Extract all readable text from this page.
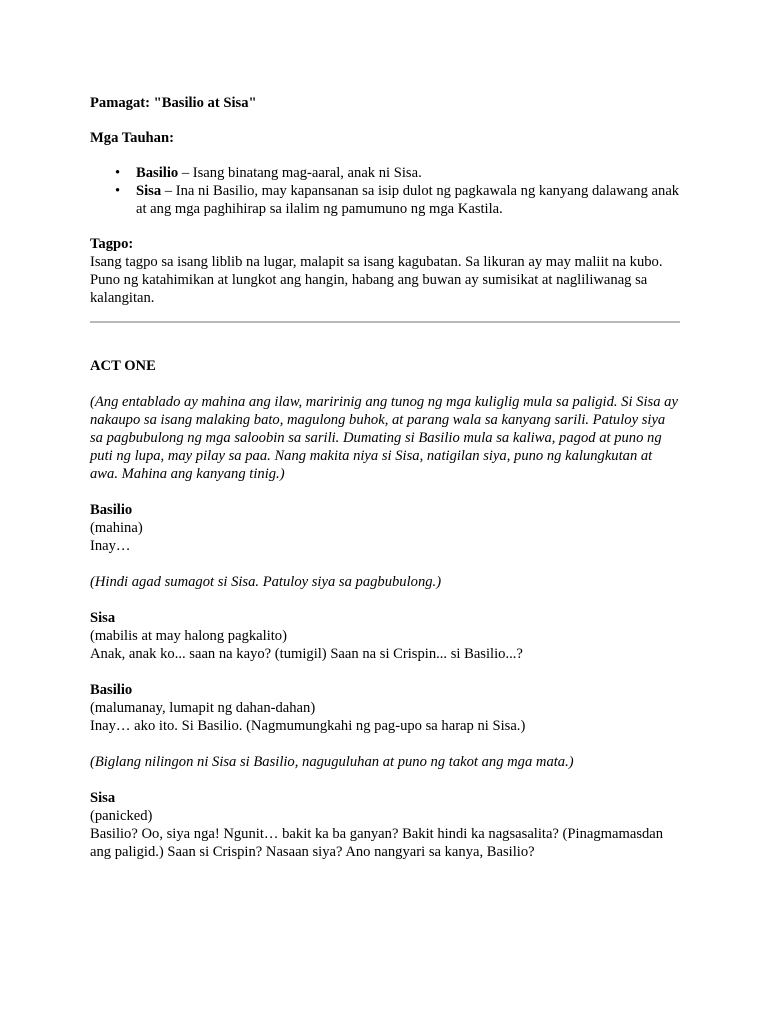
Pamagat: "Basilio at Sisa"

Mga Tauhan:

• Basilio – Isang binatang mag-aaral, anak ni Sisa.
• Sisa – Ina ni Basilio, may kapansanan sa isip dulot ng pagkawala ng kanyang dalawang anak at ang mga paghihirap sa ilalim ng pamumuno ng mga Kastila.
Tagpo:
Isang tagpo sa isang liblib na lugar, malapit sa isang kagubatan. Sa likuran ay may maliit na kubo. Puno ng katahimikan at lungkot ang hangin, habang ang buwan ay sumisikat at nagliliwanag sa kalangitan.

ACT ONE

(Ang entablado ay mahina ang ilaw, maririnig ang tunog ng mga kuliglig mula sa paligid. Si Sisa ay nakaupo sa isang malaking bato, magulong buhok, at parang wala sa kanyang sarili. Patuloy siya sa pagbubulong ng mga saloobin sa sarili. Dumating si Basilio mula sa kaliwa, pagod at puno ng puti ng lupa, may pilay sa paa. Nang makita niya si Sisa, natigilan siya, puno ng kalungkutan at awa. Mahina ang kanyang tinig.)

Basilio
(mahina)
Inay…

(Hindi agad sumagot si Sisa. Patuloy siya sa pagbubulong.)

Sisa
(mabilis at may halong pagkalito)
Anak, anak ko... saan na kayo? (tumigil) Saan na si Crispin... si Basilio...?
Basilio
(malumanay, lumapit ng dahan-dahan)
Inay… ako ito. Si Basilio. (Nagmumungkahi ng pag-upo sa harap ni Sisa.)

(Biglang nilingon ni Sisa si Basilio, naguguluhan at puno ng takot ang mga mata.)

Sisa
(panicked)
Basilio? Oo, siya nga! Ngunit… bakit ka ba ganyan? Bakit hindi ka nagsasalita? (Pinagmamasdan ang paligid.) Saan si Crispin? Nasaan siya? Ano nangyari sa kanya, Basilio?
